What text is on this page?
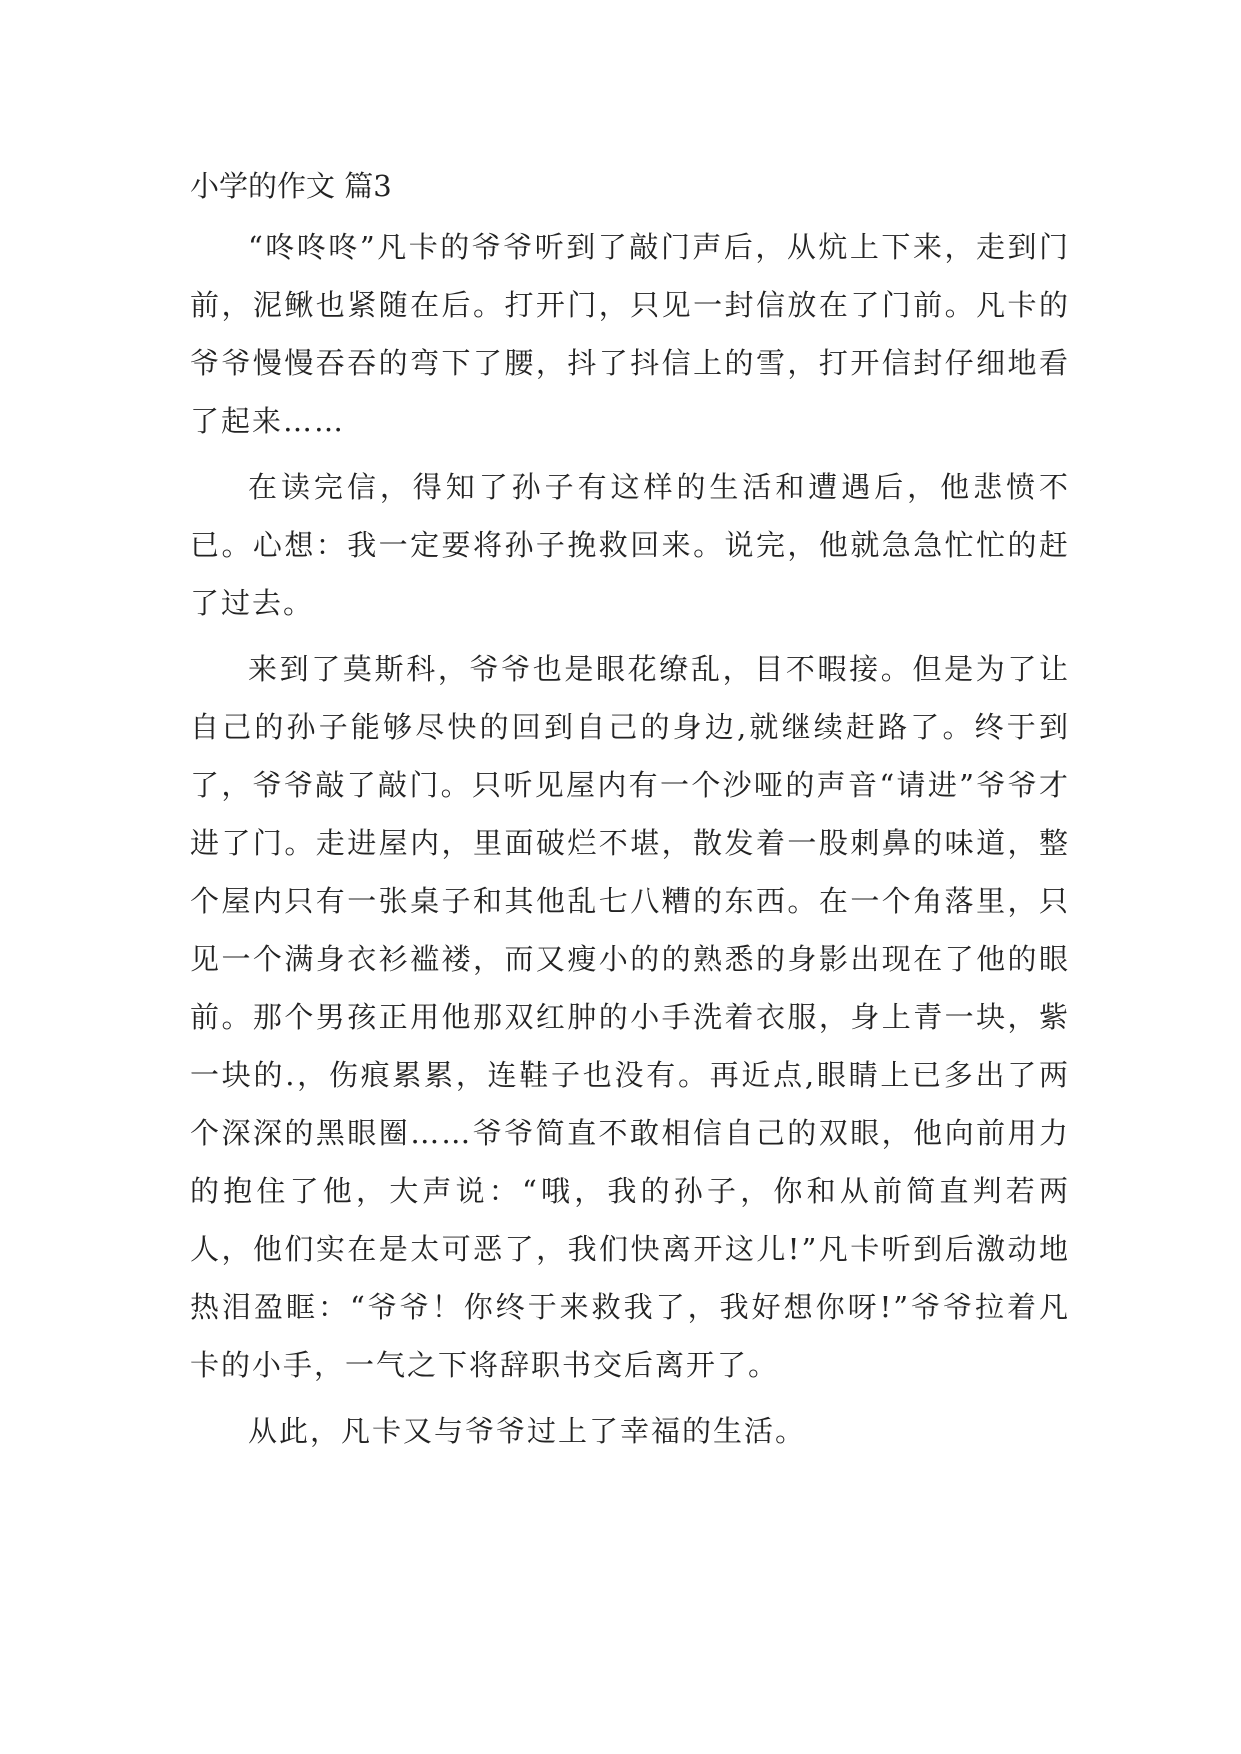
小学的作文 篇3

“咚咚咚”凡卡的爷爷听到了敲门声后，从炕上下来，走到门前，泥鳅也紧随在后。打开门，只见一封信放在了门前。凡卡的爷爷慢慢吞吞的弯下了腰，抖了抖信上的雪，打开信封仔细地看了起来……

在读完信，得知了孙子有这样的生活和遭遇后，他悲愤不已。心想：我一定要将孙子挽救回来。说完，他就急急忙忙的赶了过去。

来到了莫斯科，爷爷也是眼花缭乱，目不暇接。但是为了让自己的孙子能够尽快的回到自己的身边,就继续赶路了。终于到了，爷爷敲了敲门。只听见屋内有一个沙哑的声音“请进”爷爷才进了门。走进屋内，里面破烂不堪，散发着一股刺鼻的味道，整个屋内只有一张桌子和其他乱七八糟的东西。在一个角落里，只见一个满身衣衫褴褛，而又瘦小的的熟悉的身影出现在了他的眼前。那个男孩正用他那双红肿的小手洗着衣服，身上青一块，紫一块的.，伤痕累累，连鞋子也没有。再近点,眼睛上已多出了两个深深的黑眼圈……爷爷简直不敢相信自己的双眼，他向前用力的抱住了他，大声说：“哦，我的孙子，你和从前简直判若两人，他们实在是太可恶了，我们快离开这儿!”凡卡听到后激动地热泪盈眶：“爷爷！你终于来救我了，我好想你呀!”爷爷拉着凡卡的小手，一气之下将辞职书交后离开了。

从此，凡卡又与爷爷过上了幸福的生活。
